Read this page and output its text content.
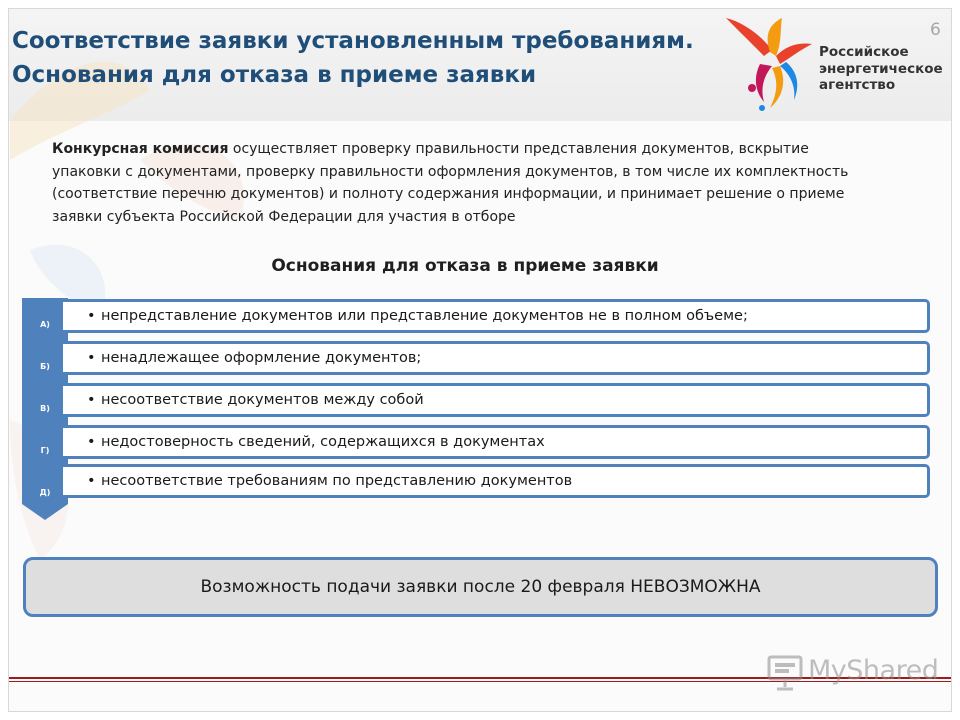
Соответствие заявки установленным требованиям.
Основания для отказа в приеме заявки
6
Российское
энергетическое
агентство
Конкурсная комиссия осуществляет проверку правильности представления документов, вскрытие упаковки с документами, проверку правильности оформления документов, в том числе их комплектность (соответствие перечню документов) и полноту содержания информации, и принимает решение о приеме заявки субъекта Российской Федерации для участия в отборе
Основания для отказа в приеме заявки
А)
Б)
В)
Г)
Д)
• непредставление документов или представление документов не в полном объеме;
• ненадлежащее оформление документов;
• несоответствие документов между собой
• недостоверность сведений, содержащихся в документах
• несоответствие требованиям по представлению документов
Возможность подачи заявки после 20 февраля НЕВОЗМОЖНА
MyShared
